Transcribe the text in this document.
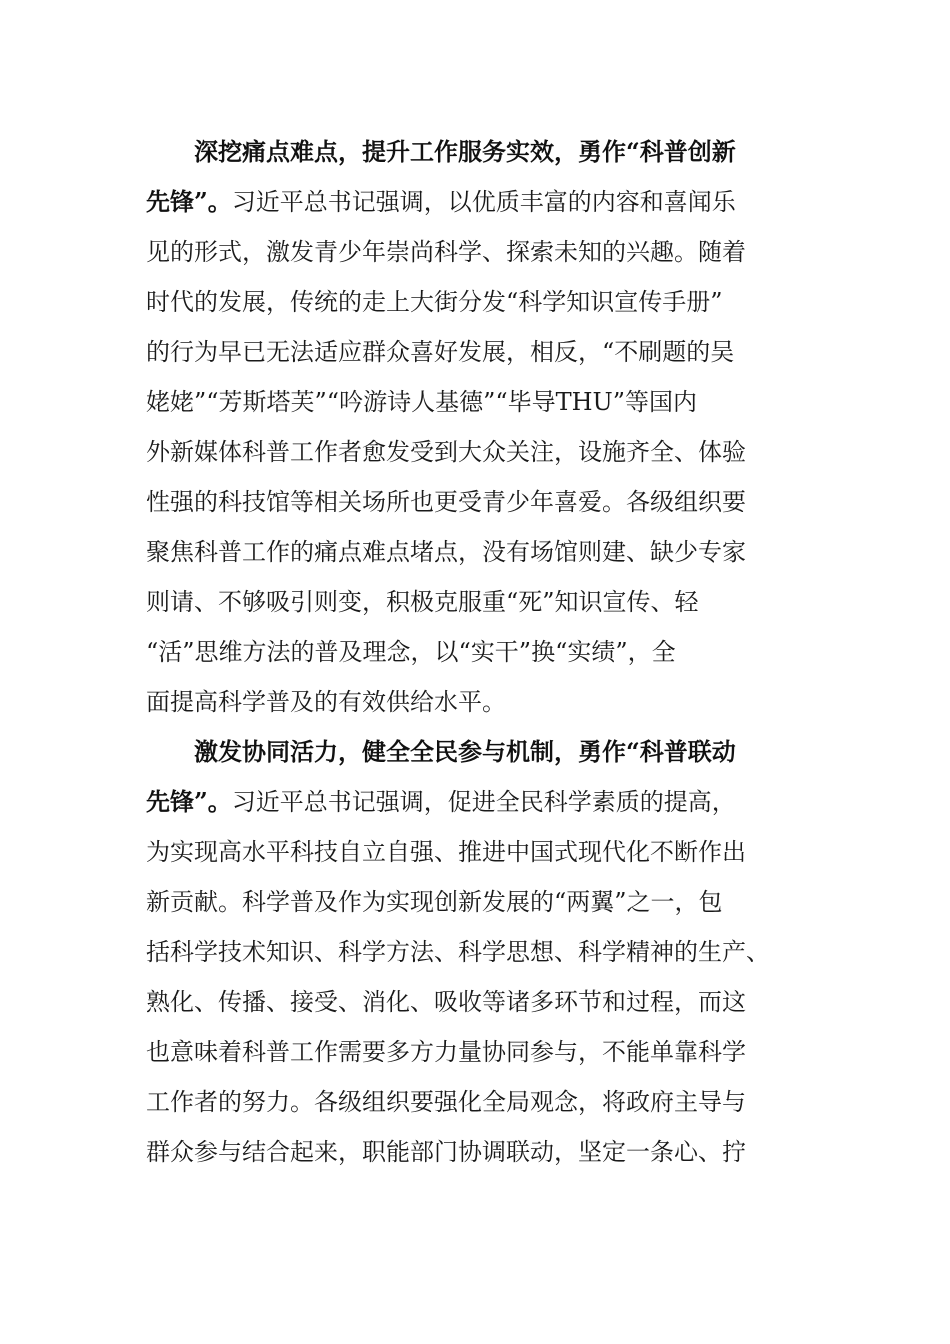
深挖痛点难点，提升工作服务实效，勇作“科普创新
先锋”。习近平总书记强调，以优质丰富的内容和喜闻乐
见的形式，激发青少年崇尚科学、探索未知的兴趣。随着
时代的发展，传统的走上大街分发“科学知识宣传手册”
的行为早已无法适应群众喜好发展，相反，“不刷题的吴
姥姥”“芳斯塔芙”“吟游诗人基德”“毕导THU”等国内
外新媒体科普工作者愈发受到大众关注，设施齐全、体验
性强的科技馆等相关场所也更受青少年喜爱。各级组织要
聚焦科普工作的痛点难点堵点，没有场馆则建、缺少专家
则请、不够吸引则变，积极克服重“死”知识宣传、轻
“活”思维方法的普及理念，以“实干”换“实绩”，全
面提高科学普及的有效供给水平。
激发协同活力，健全全民参与机制，勇作“科普联动
先锋”。习近平总书记强调，促进全民科学素质的提高，
为实现高水平科技自立自强、推进中国式现代化不断作出
新贡献。科学普及作为实现创新发展的“两翼”之一，包
括科学技术知识、科学方法、科学思想、科学精神的生产、
熟化、传播、接受、消化、吸收等诸多环节和过程，而这
也意味着科普工作需要多方力量协同参与，不能单靠科学
工作者的努力。各级组织要强化全局观念，将政府主导与
群众参与结合起来，职能部门协调联动，坚定一条心、拧
